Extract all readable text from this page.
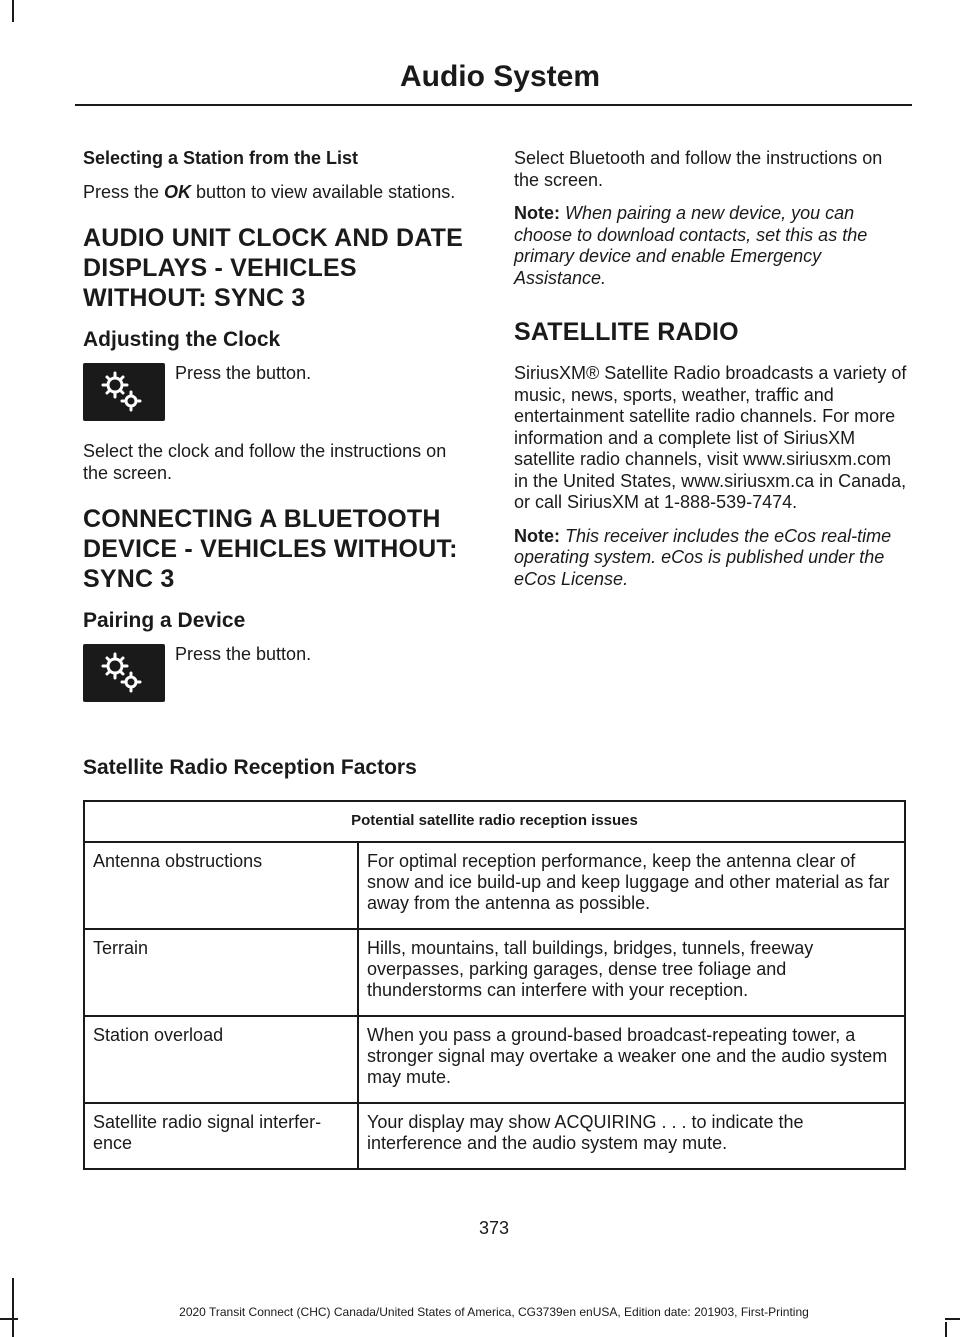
Audio System

Selecting a Station from the List

Press the OK button to view available stations.

AUDIO UNIT CLOCK AND DATE
DISPLAYS - VEHICLES
WITHOUT: SYNC 3
Adjusting the Clock

Press the button.

Select the clock and follow the instructions on the screen.

CONNECTING A BLUETOOTH
DEVICE - VEHICLES WITHOUT:
SYNC 3
Pairing a Device

Press the button.

Select Bluetooth and follow the instructions on the screen.

Note: When pairing a new device, you can choose to download contacts, set this as the primary device and enable Emergency Assistance.

SATELLITE RADIO

SiriusXM® Satellite Radio broadcasts a variety of music, news, sports, weather, traffic and entertainment satellite radio channels. For more information and a complete list of SiriusXM satellite radio channels, visit www.siriusxm.com in the United States, www.siriusxm.ca in Canada, or call SiriusXM at 1-888-539-7474.

Note: This receiver includes the eCos real-time operating system. eCos is published under the eCos License.

Satellite Radio Reception Factors
Potential satellite radio reception issues	
Antenna obstructions	For optimal reception performance, keep the antenna clear of snow and ice build-up and keep luggage and other material as far away from the antenna as possible.
Terrain	Hills, mountains, tall buildings, bridges, tunnels, freeway overpasses, parking garages, dense tree foliage and thunderstorms can interfere with your reception.
Station overload	When you pass a ground-based broadcast-repeating tower, a stronger signal may overtake a weaker one and the audio system may mute.
Satellite radio signal interfer-ence	Your display may show ACQUIRING . . . to indicate the interference and the audio system may mute.
373
2020 Transit Connect (CHC) Canada/United States of America, CG3739en enUSA, Edition date: 201903, First-Printing
